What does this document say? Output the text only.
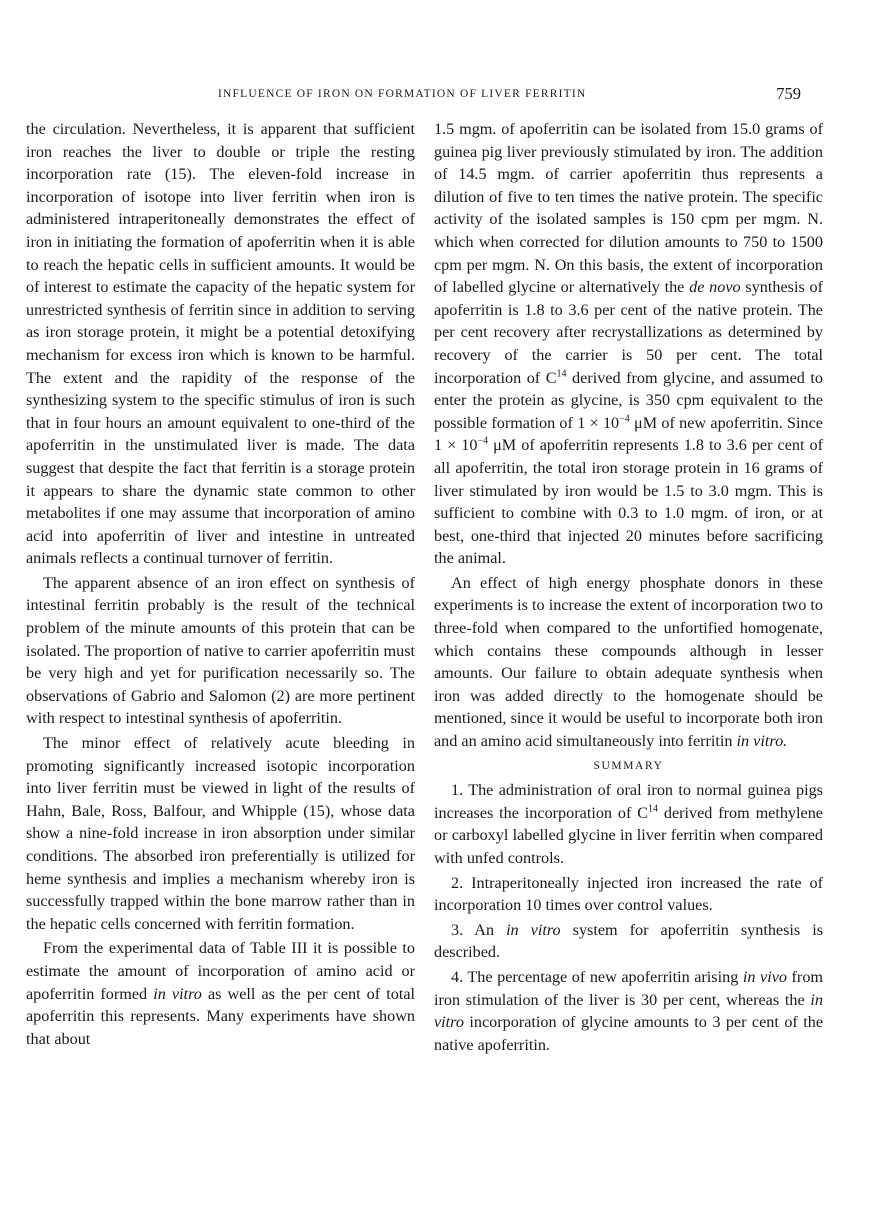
INFLUENCE OF IRON ON FORMATION OF LIVER FERRITIN	759

the circulation. Nevertheless, it is apparent that sufficient iron reaches the liver to double or triple the resting incorporation rate (15). The eleven-fold increase in incorporation of isotope into liver ferritin when iron is administered intraperitoneally demonstrates the effect of iron in initiating the formation of apoferritin when it is able to reach the hepatic cells in sufficient amounts. It would be of interest to estimate the capacity of the hepatic system for unrestricted synthesis of ferritin since in addition to serving as iron storage protein, it might be a potential detoxifying mechanism for excess iron which is known to be harmful. The extent and the rapidity of the response of the synthesizing system to the specific stimulus of iron is such that in four hours an amount equivalent to one-third of the apoferritin in the unstimulated liver is made. The data suggest that despite the fact that ferritin is a storage protein it appears to share the dynamic state common to other metabolites if one may assume that incorporation of amino acid into apoferritin of liver and intestine in untreated animals reflects a continual turnover of ferritin.

The apparent absence of an iron effect on synthesis of intestinal ferritin probably is the result of the technical problem of the minute amounts of this protein that can be isolated. The proportion of native to carrier apoferritin must be very high and yet for purification necessarily so. The observations of Gabrio and Salomon (2) are more pertinent with respect to intestinal synthesis of apoferritin.

The minor effect of relatively acute bleeding in promoting significantly increased isotopic incorporation into liver ferritin must be viewed in light of the results of Hahn, Bale, Ross, Balfour, and Whipple (15), whose data show a nine-fold increase in iron absorption under similar conditions. The absorbed iron preferentially is utilized for heme synthesis and implies a mechanism whereby iron is successfully trapped within the bone marrow rather than in the hepatic cells concerned with ferritin formation.

From the experimental data of Table III it is possible to estimate the amount of incorporation of amino acid or apoferritin formed in vitro as well as the per cent of total apoferritin this represents. Many experiments have shown that about

1.5 mgm. of apoferritin can be isolated from 15.0 grams of guinea pig liver previously stimulated by iron. The addition of 14.5 mgm. of carrier apoferritin thus represents a dilution of five to ten times the native protein. The specific activity of the isolated samples is 150 cpm per mgm. N. which when corrected for dilution amounts to 750 to 1500 cpm per mgm. N. On this basis, the extent of incorporation of labelled glycine or alternatively the de novo synthesis of apoferritin is 1.8 to 3.6 per cent of the native protein. The per cent recovery after recrystallizations as determined by recovery of the carrier is 50 per cent. The total incorporation of $C^{14}$ derived from glycine, and assumed to enter the protein as glycine, is 350 cpm equivalent to the possible formation of $1 \times 10^{-4}$ μM of new apoferritin. Since $1 \times 10^{-4}$ μM of apoferritin represents 1.8 to 3.6 per cent of all apoferritin, the total iron storage protein in 16 grams of liver stimulated by iron would be 1.5 to 3.0 mgm. This is sufficient to combine with 0.3 to 1.0 mgm. of iron, or at best, one-third that injected 20 minutes before sacrificing the animal.

An effect of high energy phosphate donors in these experiments is to increase the extent of incorporation two to three-fold when compared to the unfortified homogenate, which contains these compounds although in lesser amounts. Our failure to obtain adequate synthesis when iron was added directly to the homogenate should be mentioned, since it would be useful to incorporate both iron and an amino acid simultaneously into ferritin in vitro.

SUMMARY

1. The administration of oral iron to normal guinea pigs increases the incorporation of $C^{14}$ derived from methylene or carboxyl labelled glycine in liver ferritin when compared with unfed controls.

2. Intraperitoneally injected iron increased the rate of incorporation 10 times over control values.

3. An in vitro system for apoferritin synthesis is described.

4. The percentage of new apoferritin arising in vivo from iron stimulation of the liver is 30 per cent, whereas the in vitro incorporation of glycine amounts to 3 per cent of the native apoferritin.
